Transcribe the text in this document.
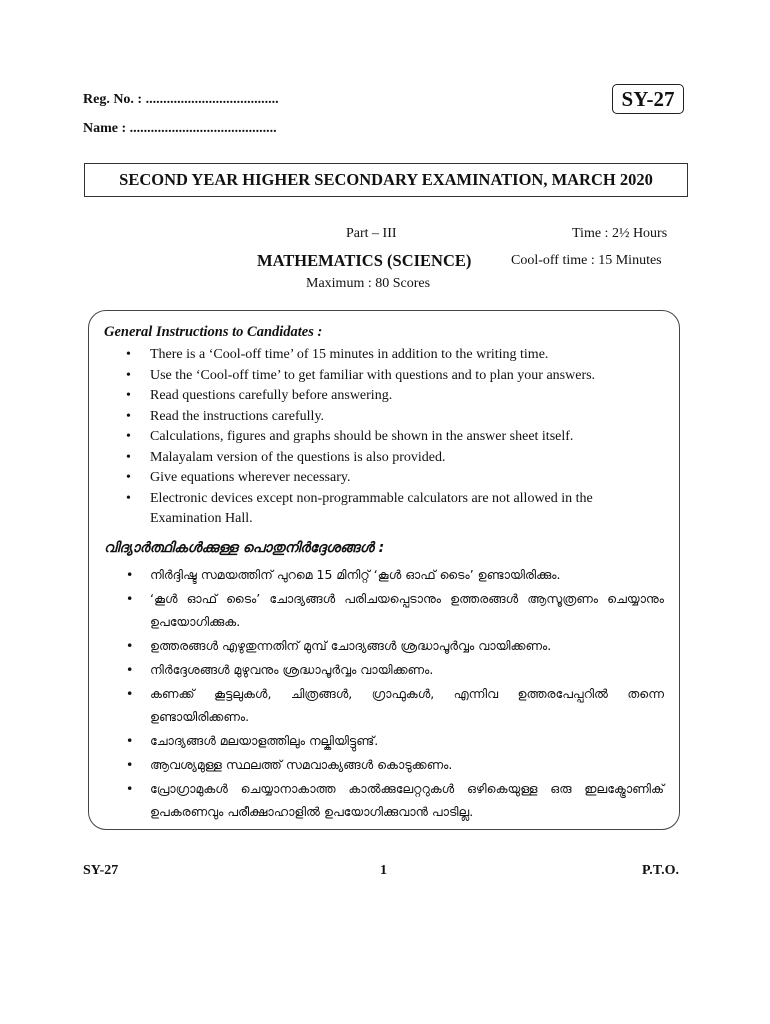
Reg. No. : ......................................
Name : ..........................................
SY-27
SECOND YEAR HIGHER SECONDARY EXAMINATION, MARCH 2020
Part – III	Time : 2½ Hours
MATHEMATICS (SCIENCE)	Cool-off time : 15 Minutes
Maximum : 80 Scores
General Instructions to Candidates :
• There is a ‘Cool-off time’ of 15 minutes in addition to the writing time.
• Use the ‘Cool-off time’ to get familiar with questions and to plan your answers.
• Read questions carefully before answering.
• Read the instructions carefully.
• Calculations, figures and graphs should be shown in the answer sheet itself.
• Malayalam version of the questions is also provided.
• Give equations wherever necessary.
• Electronic devices except non-programmable calculators are not allowed in the Examination Hall.
വിദ്യാർത്ഥികൾക്കുള്ള പൊതുനിർദ്ദേശങ്ങൾ :
• നിർദ്ദിഷ്ട സമയത്തിന് പുറമെ 15 മിനിറ്റ് ‘കൂൾ ഓഫ് ടൈം’ ഉണ്ടായിരിക്കും.
• ‘കൂൾ ഓഫ് ടൈം’ ചോദ്യങ്ങൾ പരിചയപ്പെടാനും ഉത്തരങ്ങൾ ആസൂത്രണം ചെയ്യാനും ഉപയോഗിക്കുക.
• ഉത്തരങ്ങൾ എഴുതുന്നതിന് മുമ്പ് ചോദ്യങ്ങൾ ശ്രദ്ധാപൂർവ്വം വായിക്കണം.
• നിർദ്ദേശങ്ങൾ മുഴുവനും ശ്രദ്ധാപൂർവ്വം വായിക്കണം.
• കണക്ക് കൂട്ടലുകൾ, ചിത്രങ്ങൾ, ഗ്രാഫുകൾ, എന്നിവ ഉത്തരപേപ്പറിൽ തന്നെ ഉണ്ടായിരിക്കണം.
• ചോദ്യങ്ങൾ മലയാളത്തിലും നല്കിയിട്ടുണ്ട്.
• ആവശ്യമുള്ള സ്ഥലത്ത് സമവാക്യങ്ങൾ കൊടുക്കണം.
• പ്രോഗ്രാമുകൾ ചെയ്യാനാകാത്ത കാൽക്കുലേറ്ററുകൾ ഒഴികെയുള്ള ഒരു ഇലക്ട്രോണിക് ഉപകരണവും പരീക്ഷാഹാളിൽ ഉപയോഗിക്കുവാൻ പാടില്ല.
SY-27	1	P.T.O.
